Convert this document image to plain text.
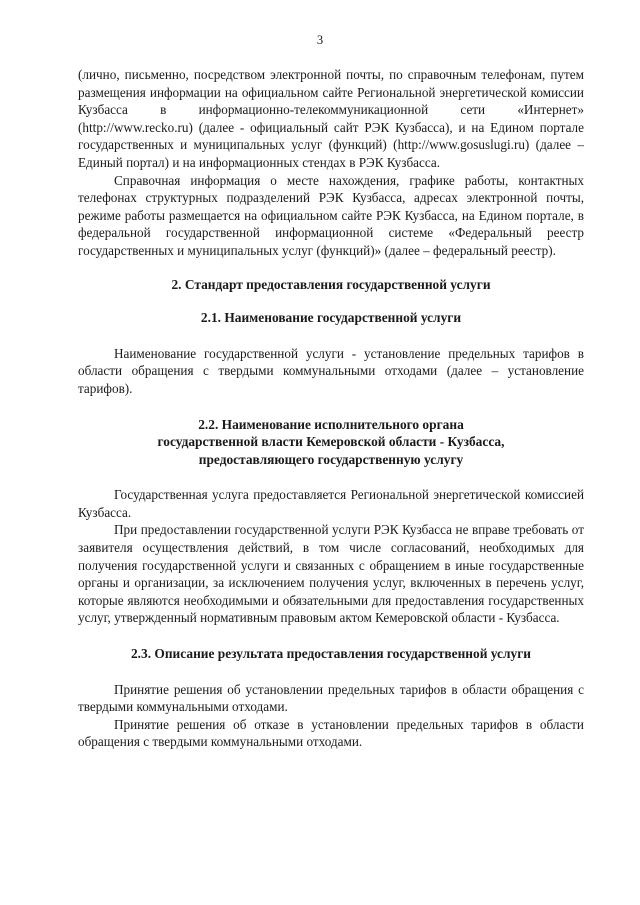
3

(лично, письменно, посредством электронной почты, по справочным телефонам, путем размещения информации на официальном сайте Региональной энергетической комиссии Кузбасса в информационно-телекоммуникационной сети «Интернет» (http://www.recko.ru) (далее - официальный сайт РЭК Кузбасса), и на Едином портале государственных и муниципальных услуг (функций) (http://www.gosuslugi.ru) (далее – Единый портал) и на информационных стендах в РЭК Кузбасса.

Справочная информация о месте нахождения, графике работы, контактных телефонах структурных подразделений РЭК Кузбасса, адресах электронной почты, режиме работы размещается на официальном сайте РЭК Кузбасса, на Едином портале, в федеральной государственной информационной системе «Федеральный реестр государственных и муниципальных услуг (функций)» (далее – федеральный реестр).

2. Стандарт предоставления государственной услуги

2.1. Наименование государственной услуги

Наименование государственной услуги - установление предельных тарифов в области обращения с твердыми коммунальными отходами (далее – установление тарифов).

2.2. Наименование исполнительного органа

государственной власти Кемеровской области - Кузбасса,

предоставляющего государственную услугу

Государственная услуга предоставляется Региональной энергетической комиссией Кузбасса.

При предоставлении государственной услуги РЭК Кузбасса не вправе требовать от заявителя осуществления действий, в том числе согласований, необходимых для получения государственной услуги и связанных с обращением в иные государственные органы и организации, за исключением получения услуг, включенных в перечень услуг, которые являются необходимыми и обязательными для предоставления государственных услуг, утвержденный нормативным правовым актом Кемеровской области - Кузбасса.

2.3. Описание результата предоставления государственной услуги

Принятие решения об установлении предельных тарифов в области обращения с твердыми коммунальными отходами.

Принятие решения об отказе в установлении предельных тарифов в области обращения с твердыми коммунальными отходами.
